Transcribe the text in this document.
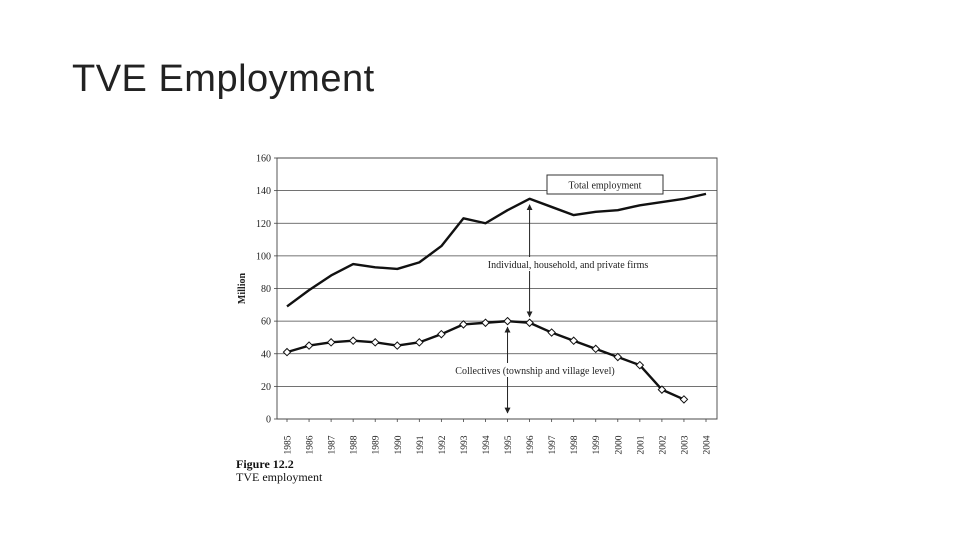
TVE Employment
0
20
40
60
80
100
120
140
160
Million
1985 1986 1987 1988 1989 1990 1991 1992 1993 1994 1995 1996 1997 1998 1999 2000 2001 2002 2003 2004
Total employment
Individual, household, and private firms
Collectives (township and village level)
Figure 12.2
TVE employment
